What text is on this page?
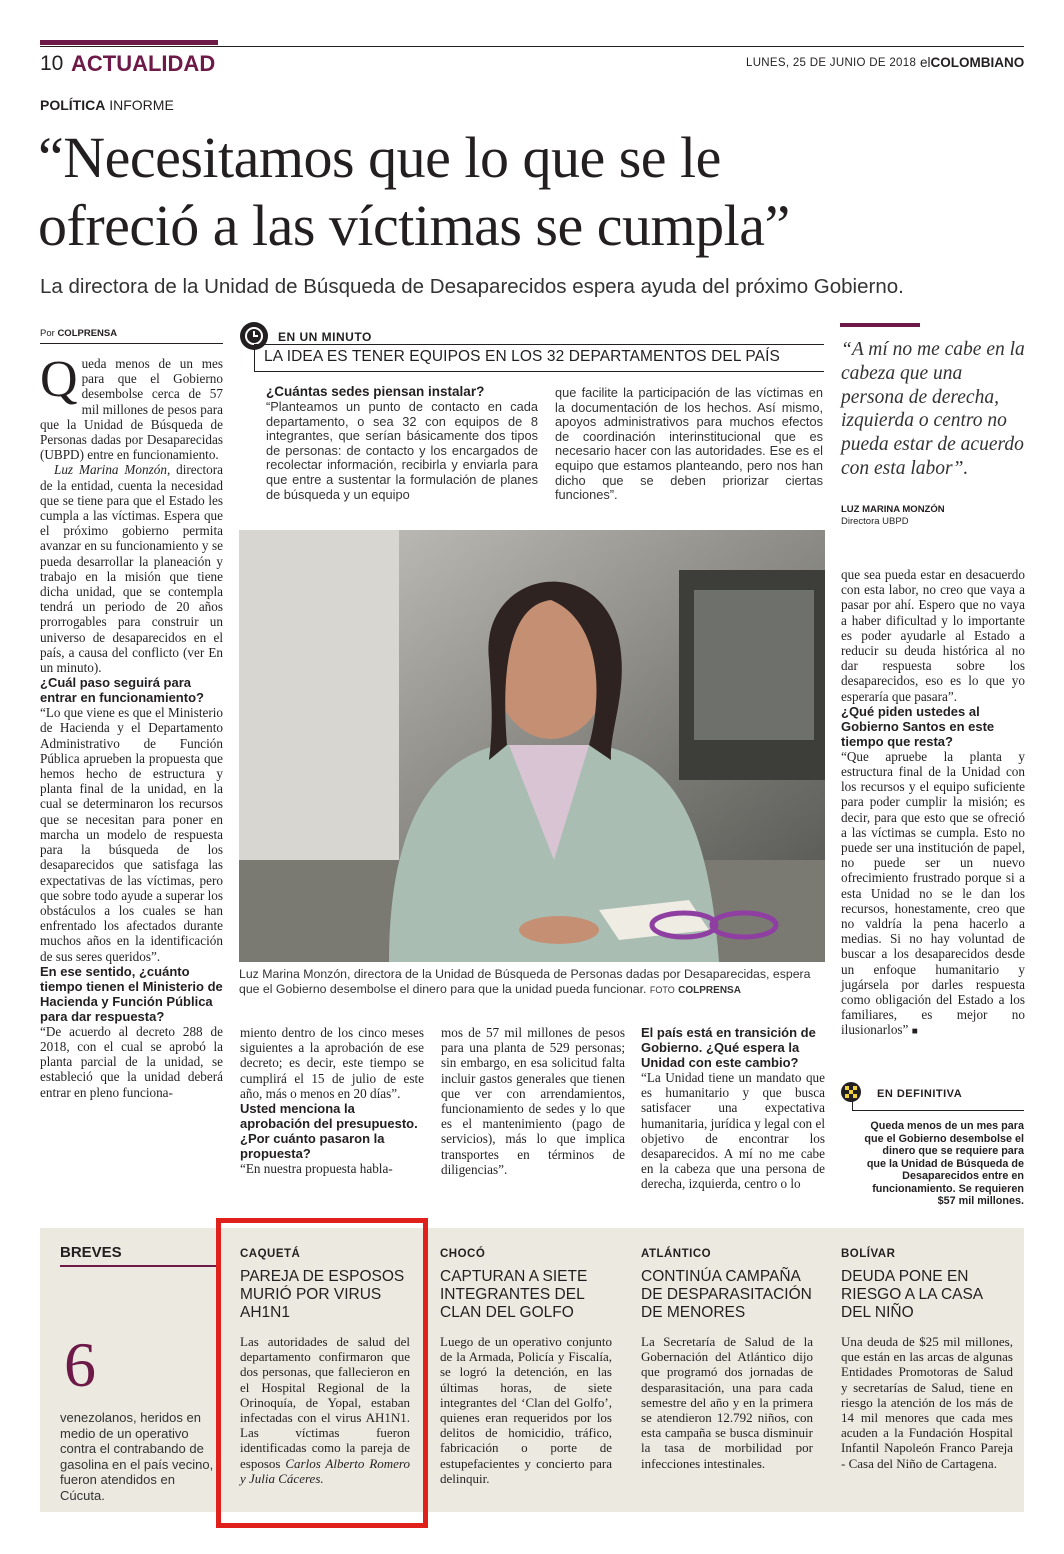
10 ACTUALIDAD	LUNES, 25 DE JUNIO DE 2018 elCOLOMBIANO
POLÍTICA INFORME
“Necesitamos que lo que se le
ofreció a las víctimas se cumpla”
La directora de la Unidad de Búsqueda de Desaparecidos espera ayuda del próximo Gobierno.
Por COLPRENSA

Queda menos de un mes para que el Gobierno desembolse cerca de 57 mil millones de pesos para que la Unidad de Búsqueda de Personas dadas por Desaparecidas (UBPD) entre en funcionamiento.

Luz Marina Monzón, directora de la entidad, cuenta la necesidad que se tiene para que el Estado les cumpla a las víctimas. Espera que el próximo gobierno permita avanzar en su funcionamiento y se pueda desarrollar la planeación y trabajo en la misión que tiene dicha unidad, que se contempla tendrá un periodo de 20 años prorrogables para construir un universo de desaparecidos en el país, a causa del conflicto (ver En un minuto).

¿Cuál paso seguirá para entrar en funcionamiento?

“Lo que viene es que el Ministerio de Hacienda y el Departamento Administrativo de Función Pública aprueben la propuesta que hemos hecho de estructura y planta final de la unidad, en la cual se determinaron los recursos que se necesitan para poner en marcha un modelo de respuesta para la búsqueda de los desaparecidos que satisfaga las expectativas de las víctimas, pero que sobre todo ayude a superar los obstáculos a los cuales se han enfrentado los afectados durante muchos años en la identificación de sus seres queridos”.

En ese sentido, ¿cuánto tiempo tienen el Ministerio de Hacienda y Función Pública para dar respuesta?

“De acuerdo al decreto 288 de 2018, con el cual se aprobó la planta parcial de la unidad, se estableció que la unidad deberá entrar en pleno funciona-

EN UN MINUTO
LA IDEA ES TENER EQUIPOS EN LOS 32 DEPARTAMENTOS DEL PAÍS
¿Cuántas sedes piensan instalar?
“Planteamos un punto de contacto en cada departamento, o sea 32 con equipos de 8 integrantes, que serían básicamente dos tipos de personas: de contacto y los encargados de recolectar información, recibirla y enviarla para que entre a sustentar la formulación de planes de búsqueda y un equipo
que facilite la participación de las víctimas en la documentación de los hechos. Así mismo, apoyos administrativos para muchos efectos de coordinación interinstitucional que es necesario hacer con las autoridades. Ese es el equipo que estamos planteando, pero nos han dicho que se deben priorizar ciertas funciones”.
Luz Marina Monzón, directora de la Unidad de Búsqueda de Personas dadas por Desaparecidas, espera que el Gobierno desembolse el dinero para que la unidad pueda funcionar. FOTO COLPRENSA

miento dentro de los cinco meses siguientes a la aprobación de ese decreto; es decir, este tiempo se cumplirá el 15 de julio de este año, más o menos en 20 días”.

Usted menciona la aprobación del presupuesto. ¿Por cuánto pasaron la propuesta?

“En nuestra propuesta habla-

mos de 57 mil millones de pesos para una planta de 529 personas; sin embargo, en esa solicitud falta incluir gastos generales que tienen que ver con arrendamientos, funcionamiento de sedes y lo que es el mantenimiento (pago de servicios), más lo que implica transportes en términos de diligencias”.

El país está en transición de Gobierno. ¿Qué espera la Unidad con este cambio?

“La Unidad tiene un mandato que es humanitario y que busca satisfacer una expectativa humanitaria, jurídica y legal con el objetivo de encontrar los desaparecidos. A mí no me cabe en la cabeza que una persona de derecha, izquierda, centro o lo

“A mí no me cabe en la cabeza que una persona de derecha, izquierda o centro no pueda estar de acuerdo con esta labor”.
LUZ MARINA MONZÓN
Directora UBPD

que sea pueda estar en desacuerdo con esta labor, no creo que vaya a pasar por ahí. Espero que no vaya a haber dificultad y lo importante es poder ayudarle al Estado a reducir su deuda histórica al no dar respuesta sobre los desaparecidos, eso es lo que yo esperaría que pasara”.

¿Qué piden ustedes al Gobierno Santos en este tiempo que resta?

“Que apruebe la planta y estructura final de la Unidad con los recursos y el equipo suficiente para poder cumplir la misión; es decir, para que esto que se ofreció a las víctimas se cumpla. Esto no puede ser una institución de papel, no puede ser un nuevo ofrecimiento frustrado porque si a esta Unidad no se le dan los recursos, honestamente, creo que no valdría la pena hacerlo a medias. Si no hay voluntad de buscar a los desaparecidos desde un enfoque humanitario y jugársela por darles respuesta como obligación del Estado a los familiares, es mejor no ilusionarlos” ■

EN DEFINITIVA
Queda menos de un mes para que el Gobierno desembolse el dinero que se requiere para que la Unidad de Búsqueda de Desaparecidos entre en funcionamiento. Se requieren $57 mil millones.
BREVES
6
venezolanos, heridos en medio de un operativo contra el contrabando de gasolina en el país vecino, fueron atendidos en Cúcuta.
CAQUETÁ
PAREJA DE ESPOSOS MURIÓ POR VIRUS AH1N1

Las autoridades de salud del departamento confirmaron que dos personas, que fallecieron en el Hospital Regional de la Orinoquía, de Yopal, estaban infectadas con el virus AH1N1. Las víctimas fueron identificadas como la pareja de esposos Carlos Alberto Romero y Julia Cáceres.

CHOCÓ
CAPTURAN A SIETE INTEGRANTES DEL CLAN DEL GOLFO

Luego de un operativo conjunto de la Armada, Policía y Fiscalía, se logró la detención, en las últimas horas, de siete integrantes del ‘Clan del Golfo’, quienes eran requeridos por los delitos de homicidio, tráfico, fabricación o porte de estupefacientes y concierto para delinquir.

ATLÁNTICO
CONTINÚA CAMPAÑA DE DESPARASITACIÓN DE MENORES

La Secretaría de Salud de la Gobernación del Atlántico dijo que programó dos jornadas de desparasitación, una para cada semestre del año y en la primera se atendieron 12.792 niños, con esta campaña se busca disminuir la tasa de morbilidad por infecciones intestinales.

BOLÍVAR
DEUDA PONE EN RIESGO A LA CASA DEL NIÑO

Una deuda de $25 mil millones, que están en las arcas de algunas Entidades Promotoras de Salud y secretarías de Salud, tiene en riesgo la atención de los más de 14 mil menores que cada mes acuden a la Fundación Hospital Infantil Napoleón Franco Pareja - Casa del Niño de Cartagena.
